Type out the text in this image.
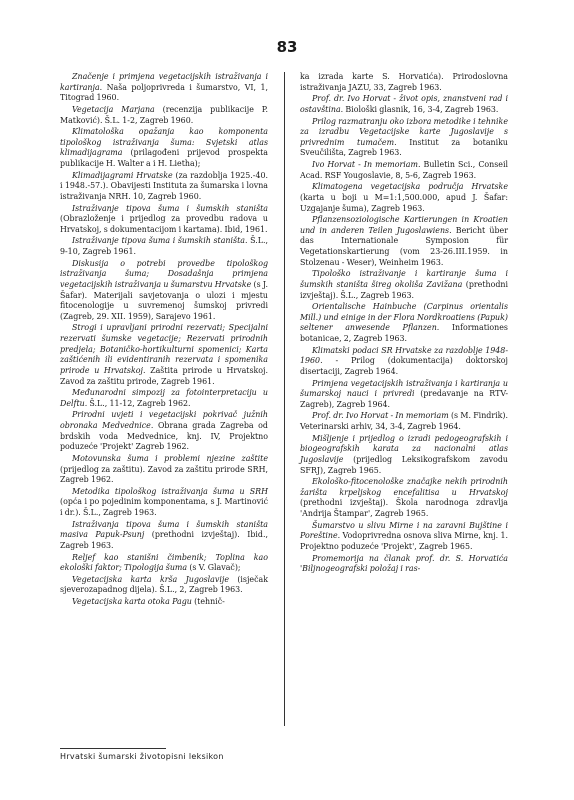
83

Značenje i primjena vegetacijskih istraživanja i kartiranja. Naša poljoprivreda i šumarstvo, VI, 1, Titograd 1960.

Vegetacija Marjana (recenzija publikacije P. Matković). Š.L. 1-2, Zagreb 1960.

Klimatološka opažanja kao komponenta tipološkog istraživanja šuma: Svjetski atlas klimadijagrama (prilagođeni prijevod prospekta publikacije H. Walter a i H. Lietha);

Klimadijagrami Hrvatske (za razdoblja 1925.-40. i 1948.-57.). Obavijesti Instituta za šumarska i lovna istraživanja NRH. 10, Zagreb 1960.

Istraživanje tipova šuma i šumskih staništa (Obrazloženje i prijedlog za provedbu radova u Hrvatskoj, s dokumentacijom i kartama). Ibid, 1961.

Istraživanje tipova šuma i šumskih staništa. Š.L., 9-10, Zagreb 1961.

Diskusija o potrebi provedbe tipološkog istraživanja šuma; Dosadašnja primjena vegetacijskih istraživanja u šumarstvu Hrvatske (s J. Šafar). Materijali savjetovanja o ulozi i mjestu fitocenologije u suvremenoj šumskoj privredi (Zagreb, 29. XII. 1959), Sarajevo 1961.

Strogi i upravljani prirodni rezervati; Specijalni rezervati šumske vegetacije; Rezervati prirodnih predjela; Botaničko-hortikulturni spomenici; Karta zaštićenih ili evidentiranih rezervata i spomenika prirode u Hrvatskoj. Zaštita prirode u Hrvatskoj. Zavod za zaštitu prirode, Zagreb 1961.

Međunarodni simpozij za fotointerpretaciju u Delftu. Š.L., 11-12, Zagreb 1962.

Prirodni uvjeti i vegetacijski pokrivač južnih obronaka Medvednice. Obrana grada Zagreba od brdskih voda Medvednice, knj. IV, Projektno poduzeće 'Projekt' Zagreb 1962.

Motovunska šuma i problemi njezine zaštite (prijedlog za zaštitu). Zavod za zaštitu prirode SRH, Zagreb 1962.

Metodika tipološkog istraživanja šuma u SRH (opća i po pojedinim komponentama, s J. Martinović i dr.). Š.L., Zagreb 1963.

Istraživanja tipova šuma i šumskih staništa masiva Papuk-Psunj (prethodni izvještaj). Ibid., Zagreb 1963.

Reljef kao stanišni čimbenik; Toplina kao ekološki faktor; Tipologija šuma (s V. Glavač);

Vegetacijska karta krša Jugoslavije (isječak sjeverozapadnog dijela). Š.L., 2, Zagreb 1963.

Vegetacijska karta otoka Pagu (tehnič-

ka izrada karte S. Horvatića). Prirodoslovna istraživanja JAZU, 33, Zagreb 1963.

Prof. dr. Ivo Horvat - život opis, znanstveni rad i ostavština. Biološki glasnik, 16, 3-4, Zagreb 1963.

Prilog razmatranju oko izbora metodike i tehnike za izradbu Vegetacijske karte Jugoslavije s privrednim tumačem. Institut za botaniku Sveučilišta, Zagreb 1963.

Ivo Horvat - In memoriam. Bulletin Sci., Conseil Acad. RSF Yougoslavie, 8, 5-6, Zagreb 1963.

Klimatogena vegetacijska područja Hrvatske (karta u boji u M=1:1,500.000, apud J. Šafar: Uzgajanje šuma), Zagreb 1963.

Pflanzensoziologische Kartierungen in Kroatien und in anderen Teilen Jugoslawiens. Bericht über das Internationale Symposion für Vegetationskartierung (vom 23-26.III.1959. in Stolzenau - Weser), Weinheim 1963.

Tipološko istraživanje i kartiranje šuma i šumskih staništa šireg okoliša Zavižana (prethodni izvještaj). Š.L., Zagreb 1963.

Orientalische Hainbuche (Carpinus orientalis Mill.) und einige in der Flora Nordkroatiens (Papuk) seltener anwesende Pflanzen. Informationes botanicae, 2, Zagreb 1963.

Klimatski podaci SR Hrvatske za razdoblje 1948-1960. - Prilog (dokumentacija) doktorskoj disertaciji, Zagreb 1964.

Primjena vegetacijskih istraživanja i kartiranja u šumarskoj nauci i privredi (predavanje na RTV-Zagreb), Zagreb 1964.

Prof. dr. Ivo Horvat - In memoriam (s M. Findrik). Veterinarski arhiv, 34, 3-4, Zagreb 1964.

Mišljenje i prijedlog o izradi pedogeografskih i biogeografskih karata za nacionalni atlas Jugoslavije (prijedlog Leksikografskom zavodu SFRJ), Zagreb 1965.

Ekološko-fitocenološke značajke nekih prirodnih žarišta krpeljskog encefalitisa u Hrvatskoj (prethodni izvještaj). Škola narodnoga zdravlja 'Andrija Štampar', Zagreb 1965.

Šumarstvo u slivu Mirne i na zaravni Bujštine i Poreštine. Vodoprivredna osnova sliva Mirne, knj. 1. Projektno poduzeće 'Projekt', Zagreb 1965.

Promemorija na članak prof. dr. S. Horvatića 'Biljnogeografski položaj i ras-

Hrvatski šumarski životopisni leksikon
